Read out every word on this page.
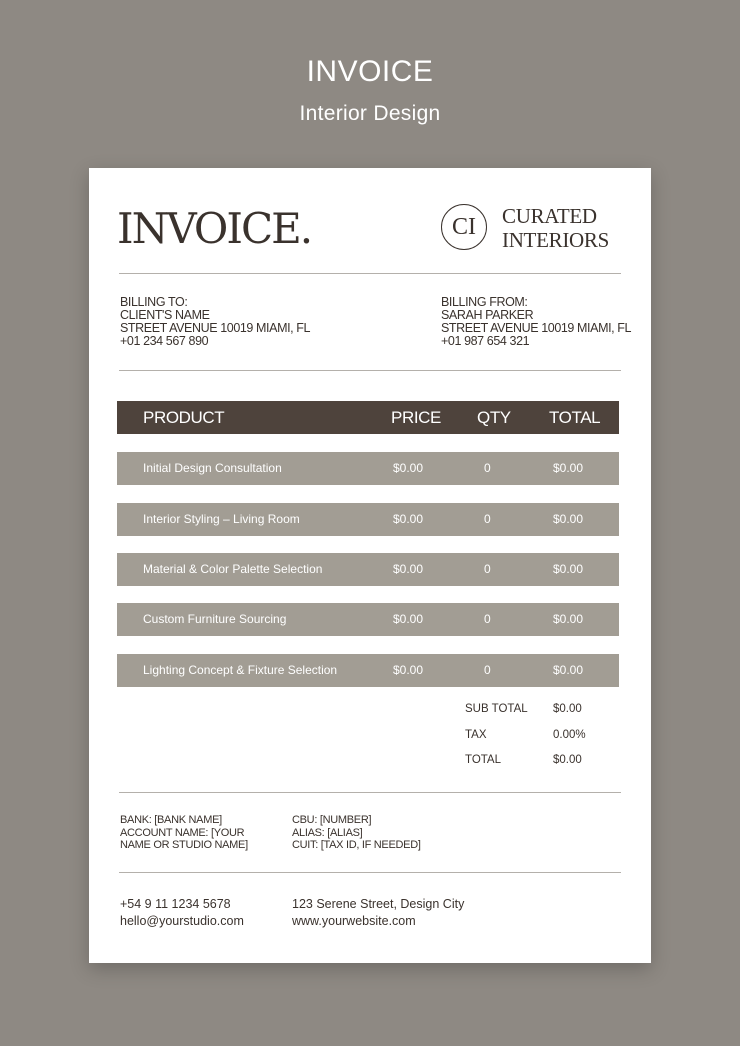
INVOICE
Interior Design
INVOICE.	CI	CURATED
INTERIORS
BILLING TO:
CLIENT'S NAME
STREET AVENUE 10019 MIAMI, FL
+01 234 567 890
BILLING FROM:
SARAH PARKER
STREET AVENUE 10019 MIAMI, FL
+01 987 654 321
PRODUCT	PRICE QTY TOTAL
Initial Design Consultation	$0.00	0	$0.00
Interior Styling – Living Room	$0.00	0	$0.00
Material & Color Palette Selection	$0.00	0	$0.00
Custom Furniture Sourcing	$0.00	0	$0.00
Lighting Concept & Fixture Selection	$0.00	0	$0.00
SUB TOTAL $0.00
TAX	0.00%
TOTAL	$0.00
BANK: [BANK NAME]
ACCOUNT NAME: [YOUR
NAME OR STUDIO NAME]
CBU: [NUMBER]
ALIAS: [ALIAS]
CUIT: [TAX ID, IF NEEDED]
+54 9 11 1234 5678
hello@yourstudio.com
123 Serene Street, Design City
www.yourwebsite.com
